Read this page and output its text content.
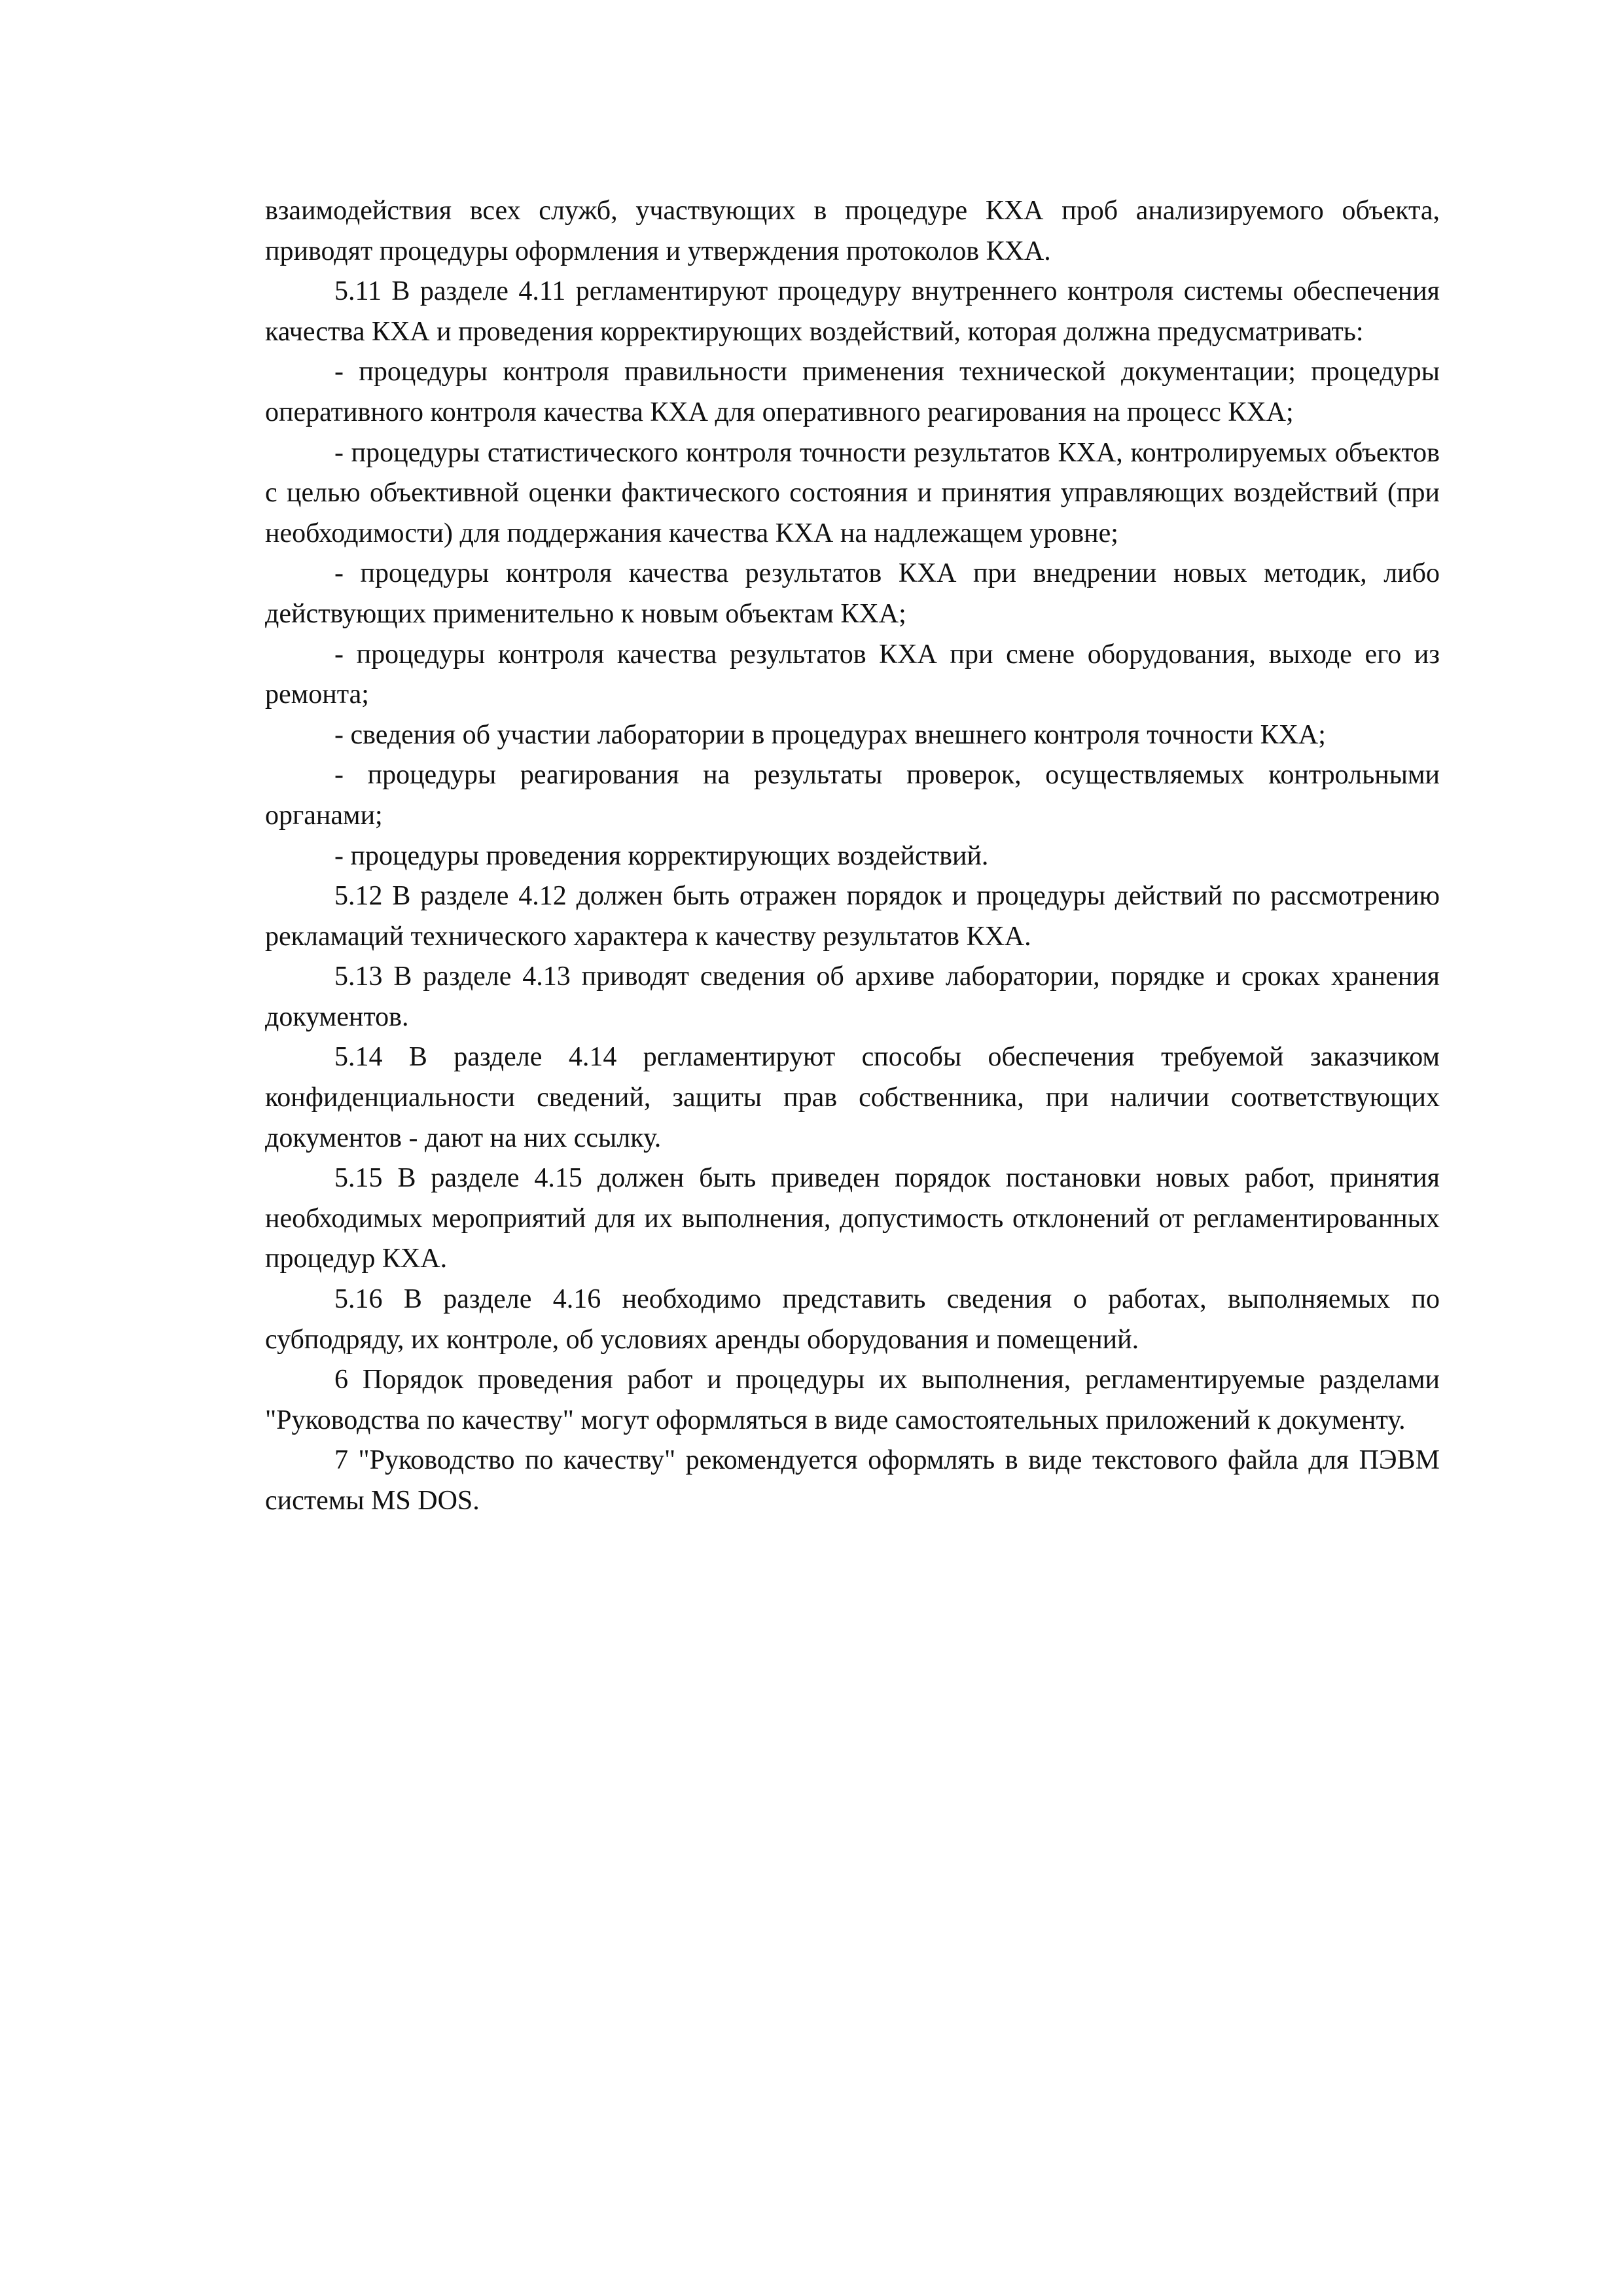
взаимодействия всех служб, участвующих в процедуре КХА проб анализируемого объекта, приводят процедуры оформления и утверждения протоколов КХА.

5.11 В разделе 4.11 регламентируют процедуру внутреннего контроля системы обеспечения качества КХА и проведения корректирующих воздействий, которая должна предусматривать:

- процедуры контроля правильности применения технической документации; процедуры оперативного контроля качества КХА для оперативного реагирования на процесс КХА;

- процедуры статистического контроля точности результатов КХА, контролируемых объектов с целью объективной оценки фактического состояния и принятия управляющих воздействий (при необходимости) для поддержания качества КХА на надлежащем уровне;

- процедуры контроля качества результатов КХА при внедрении новых методик, либо действующих применительно к новым объектам КХА;

- процедуры контроля качества результатов КХА при смене оборудования, выходе его из ремонта;

- сведения об участии лаборатории в процедурах внешнего контроля точности КХА;

- процедуры реагирования на результаты проверок, осуществляемых контрольными органами;

- процедуры проведения корректирующих воздействий.

5.12 В разделе 4.12 должен быть отражен порядок и процедуры действий по рассмотрению рекламаций технического характера к качеству результатов КХА.

5.13 В разделе 4.13 приводят сведения об архиве лаборатории, порядке и сроках хранения документов.

5.14 В разделе 4.14 регламентируют способы обеспечения требуемой заказчиком конфиденциальности сведений, защиты прав собственника, при наличии соответствующих документов - дают на них ссылку.

5.15 В разделе 4.15 должен быть приведен порядок постановки новых работ, принятия необходимых мероприятий для их выполнения, допустимость отклонений от регламентированных процедур КХА.

5.16 В разделе 4.16 необходимо представить сведения о работах, выполняемых по субподряду, их контроле, об условиях аренды оборудования и помещений.

6 Порядок проведения работ и процедуры их выполнения, регламентируемые разделами "Руководства по качеству" могут оформляться в виде самостоятельных приложений к документу.

7 "Руководство по качеству" рекомендуется оформлять в виде текстового файла для ПЭВМ системы MS DOS.
